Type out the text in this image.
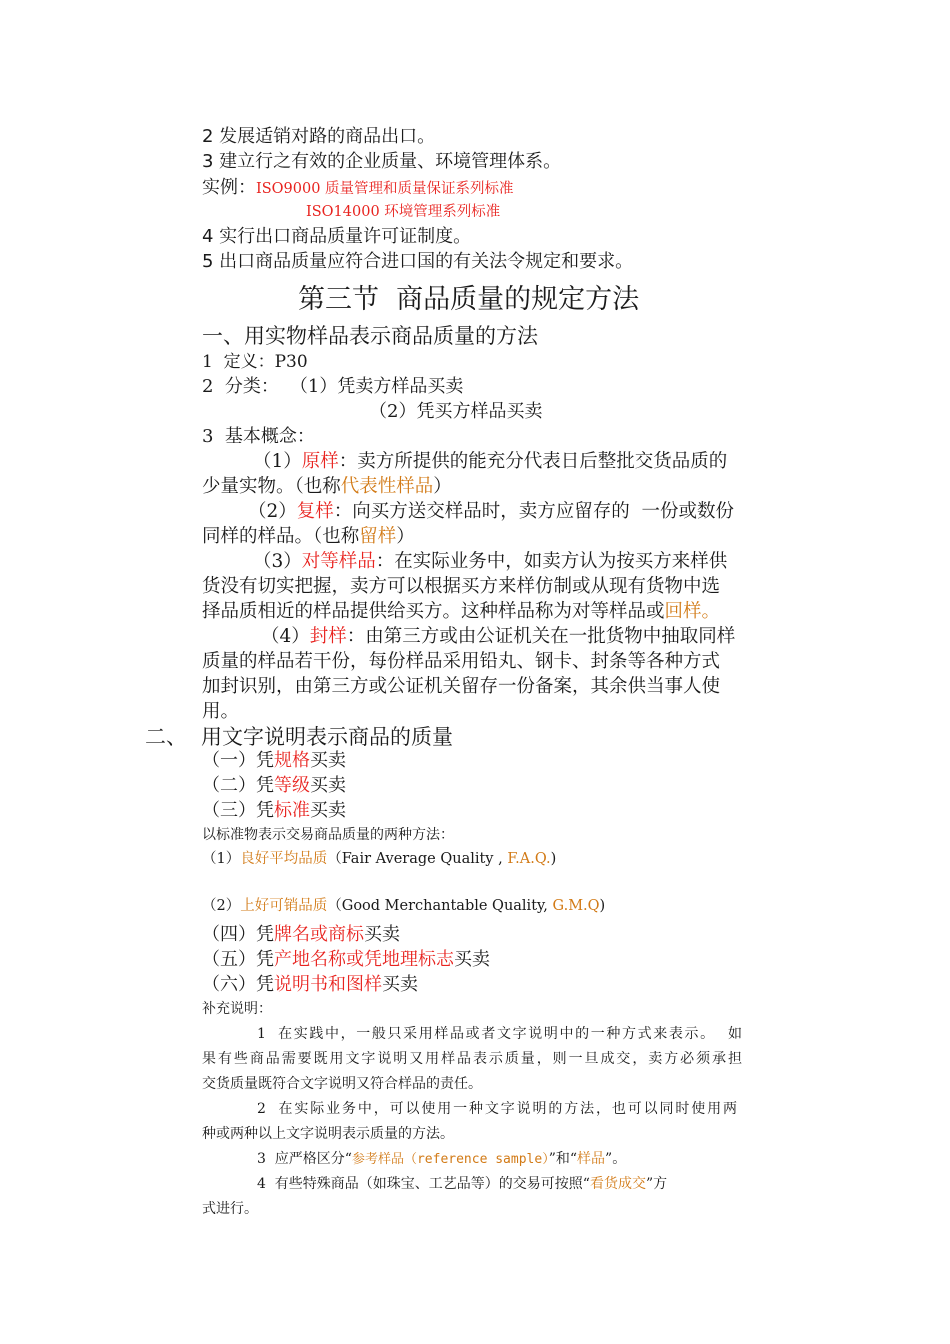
2 发展适销对路的商品出口。
3 建立行之有效的企业质量、环境管理体系。
实例：ISO9000 质量管理和质量保证系列标准
ISO14000 环境管理系列标准
4 实行出口商品质量许可证制度。
5 出口商品质量应符合进口国的有关法令规定和要求。
第三节  商品质量的规定方法
一、用实物样品表示商品质量的方法
1  定义：P30
2  分类： （1）凭卖方样品买卖
（2）凭买方样品买卖
3  基本概念：
（1）原样：卖方所提供的能充分代表日后整批交货品质的
少量实物。（也称代表性样品）
（2）复样：向买方送交样品时，卖方应留存的  一份或数份
同样的样品。（也称留样）
（3）对等样品：在实际业务中，如卖方认为按买方来样供
货没有切实把握，卖方可以根据买方来样仿制或从现有货物中选
择品质相近的样品提供给买方。这种样品称为对等样品或回样。
（4）封样：由第三方或由公证机关在一批货物中抽取同样
质量的样品若干份，每份样品采用铅丸、钢卡、封条等各种方式
加封识别，由第三方或公证机关留存一份备案，其余供当事人使
用。
二、 用文字说明表示商品的质量
（一）凭规格买卖
（二）凭等级买卖
（三）凭标准买卖
以标准物表示交易商品质量的两种方法：
（1）良好平均品质（Fair Average Quality , F.A.Q.)
（2）上好可销品质（Good Merchantable Quality, G.M.Q)
（四）凭牌名或商标买卖
（五）凭产地名称或凭地理标志买卖
（六）凭说明书和图样买卖
补充说明：
1  在实践中，一般只采用样品或者文字说明中的一种方式来表示。  如
果有些商品需要既用文字说明又用样品表示质量，则一旦成交，卖方必须承担
交货质量既符合文字说明又符合样品的责任。
2  在实际业务中，可以使用一种文字说明的方法，也可以同时使用两
种或两种以上文字说明表示质量的方法。
3  应严格区分“参考样品（reference sample）”和“样品”。
4  有些特殊商品（如珠宝、工艺品等）的交易可按照“看货成交”方
式进行。
